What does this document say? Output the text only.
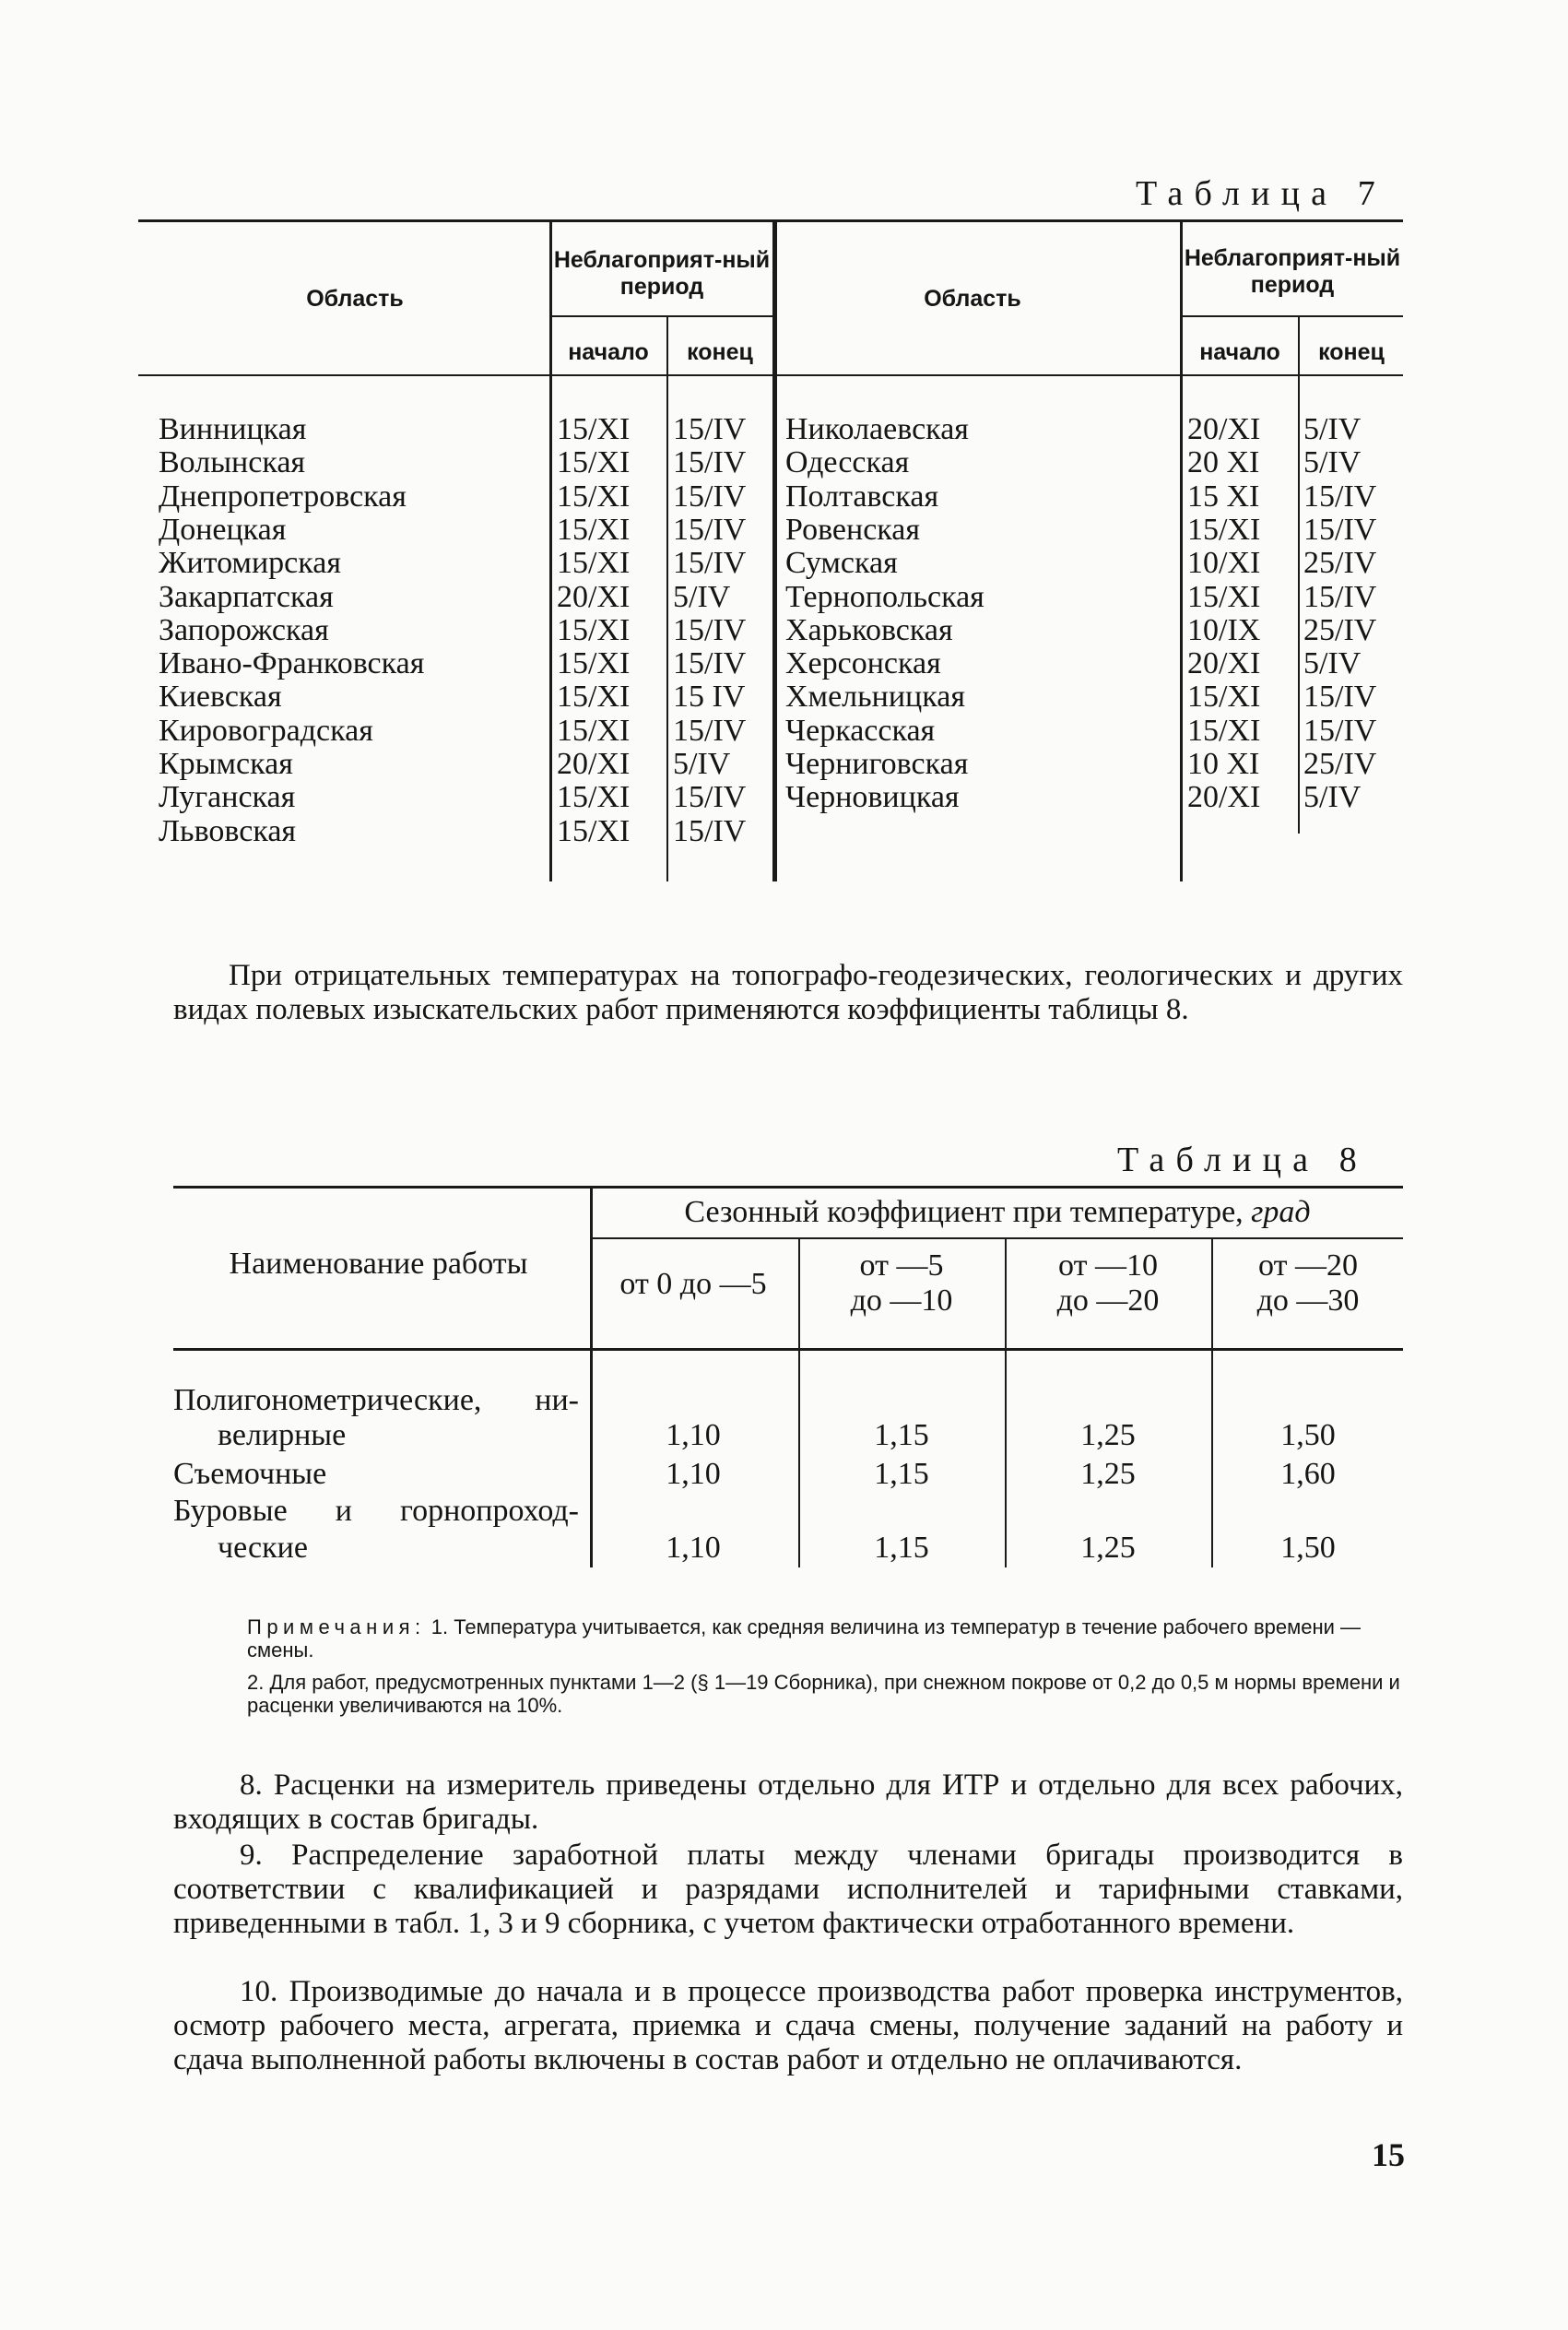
Таблица 7
Область
Неблагоприят-ный период
начало	конец
Область
Неблагоприят-ный период
начало	конец
Винницкая	15/XI 15/IV
Волынская	15/XI 15/IV
Днепропетровская	15/XI 15/IV
Донецкая	15/XI 15/IV
Житомирская	15/XI 15/IV
Закарпатская	20/XI 5/IV
Запорожская	15/XI 15/IV
Ивано-Франковская	15/XI 15/IV
Киевская	15/XI 15 IV
Кировоградская	15/XI 15/IV
Крымская	20/XI 5/IV
Луганская	15/XI 15/IV
Львовская	15/XI 15/IV
Николаевская	20/XI 5/IV
Одесская	20 XI 5/IV
Полтавская	15 XI 15/IV
Ровенская	15/XI 15/IV
Сумская	10/XI 25/IV
Тернопольская	15/XI 15/IV
Харьковская	10/IX 25/IV
Херсонская	20/XI 5/IV
Хмельницкая	15/XI 15/IV
Черкасская	15/XI 15/IV
Черниговская	10 XI 25/IV
Черновицкая	20/XI 5/IV
При отрицательных температурах на топографо-геодезических, геологических и других видах полевых изыскательских работ применяются коэффициенты таблицы 8.
Таблица 8
Наименование работы
Сезонный коэффициент при температуре, град
от 0 до —5
от —5
до —10
от —10
до —20
от —20
до —30
Полигонометрические, ни-
велирные	1,10	1,15	1,25	1,50
Съемочные	1,10	1,15	1,25	1,60
Буровые и горнопроход-
ческие	1,10	1,15	1,25	1,50
Примечания: 1. Температура учитывается, как средняя величина из температур в течение рабочего времени — смены.
2. Для работ, предусмотренных пунктами 1—2 (§ 1—19 Сборника), при снежном покрове от 0,2 до 0,5 м нормы времени и расценки увеличиваются на 10%.
8. Расценки на измеритель приведены отдельно для ИТР и отдельно для всех рабочих, входящих в состав бригады.
9. Распределение заработной платы между членами бригады производится в соответствии с квалификацией и разрядами исполнителей и тарифными ставками, приведенными в табл. 1, 3 и 9 сборника, с учетом фактически отработанного времени.
10. Производимые до начала и в процессе производства работ проверка инструментов, осмотр рабочего места, агрегата, приемка и сдача смены, получение заданий на работу и сдача выполненной работы включены в состав работ и отдельно не оплачиваются.
15
